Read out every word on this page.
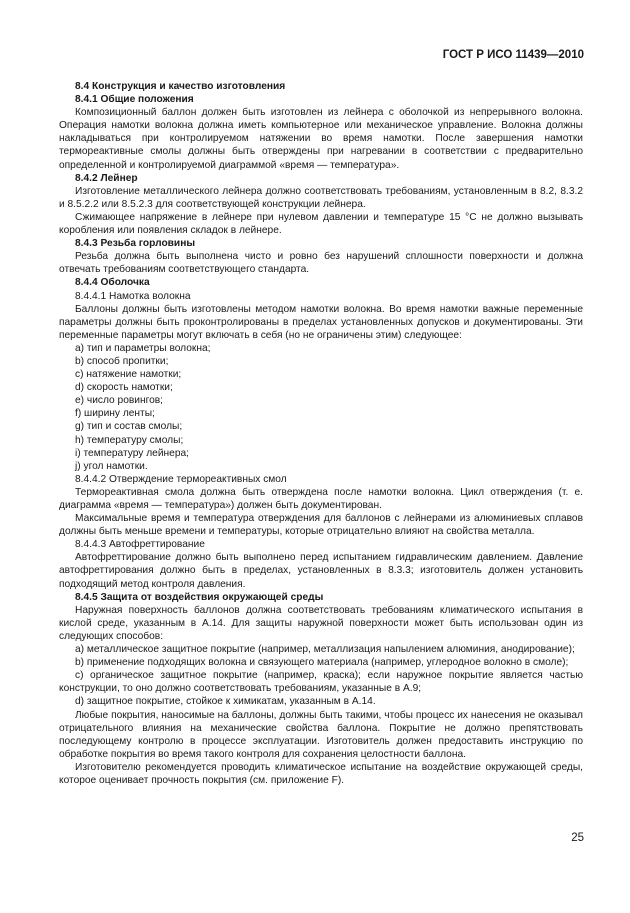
ГОСТ Р ИСО 11439—2010

8.4 Конструкция и качество изготовления

8.4.1 Общие положения

Композиционный баллон должен быть изготовлен из лейнера с оболочкой из непрерывного волокна. Операция намотки волокна должна иметь компьютерное или механическое управление. Волокна должны накладываться при контролируемом натяжении во время намотки. После завершения намотки термореактивные смолы должны быть отверждены при нагревании в соответствии с предварительно определенной и контролируемой диаграммой «время — температура».

8.4.2 Лейнер

Изготовление металлического лейнера должно соответствовать требованиям, установленным в 8.2, 8.3.2 и 8.5.2.2 или 8.5.2.3 для соответствующей конструкции лейнера.

Сжимающее напряжение в лейнере при нулевом давлении и температуре 15 °С не должно вызывать коробления или появления складок в лейнере.

8.4.3 Резьба горловины

Резьба должна быть выполнена чисто и ровно без нарушений сплошности поверхности и должна отвечать требованиям соответствующего стандарта.

8.4.4 Оболочка

8.4.4.1 Намотка волокна

Баллоны должны быть изготовлены методом намотки волокна. Во время намотки важные переменные параметры должны быть проконтролированы в пределах установленных допусков и документированы. Эти переменные параметры могут включать в себя (но не ограничены этим) следующее:

а) тип и параметры волокна;

b) способ пропитки;

с) натяжение намотки;

d) скорость намотки;

е) число ровингов;

f) ширину ленты;

g) тип и состав смолы;

h) температуру смолы;

i) температуру лейнера;

j) угол намотки.

8.4.4.2 Отверждение термореактивных смол

Термореактивная смола должна быть отверждена после намотки волокна. Цикл отверждения (т. е. диаграмма «время — температура») должен быть документирован.

Максимальные время и температура отверждения для баллонов с лейнерами из алюминиевых сплавов должны быть меньше времени и температуры, которые отрицательно влияют на свойства металла.

8.4.4.3 Автофреттирование

Автофреттирование должно быть выполнено перед испытанием гидравлическим давлением. Давление автофреттирования должно быть в пределах, установленных в 8.3.3; изготовитель должен установить подходящий метод контроля давления.

8.4.5 Защита от воздействия окружающей среды

Наружная поверхность баллонов должна соответствовать требованиям климатического испытания в кислой среде, указанным в А.14. Для защиты наружной поверхности может быть использован один из следующих способов:

а) металлическое защитное покрытие (например, металлизация напылением алюминия, анодирование);

b) применение подходящих волокна и связующего материала (например, углеродное волокно в смоле);

с) органическое защитное покрытие (например, краска); если наружное покрытие является частью конструкции, то оно должно соответствовать требованиям, указанные в А.9;

d) защитное покрытие, стойкое к химикатам, указанным в А.14.

Любые покрытия, наносимые на баллоны, должны быть такими, чтобы процесс их нанесения не оказывал отрицательного влияния на механические свойства баллона. Покрытие не должно препятствовать последующему контролю в процессе эксплуатации. Изготовитель должен предоставить инструкцию по обработке покрытия во время такого контроля для сохранения целостности баллона.

Изготовителю рекомендуется проводить климатическое испытание на воздействие окружающей среды, которое оценивает прочность покрытия (см. приложение F).

25
